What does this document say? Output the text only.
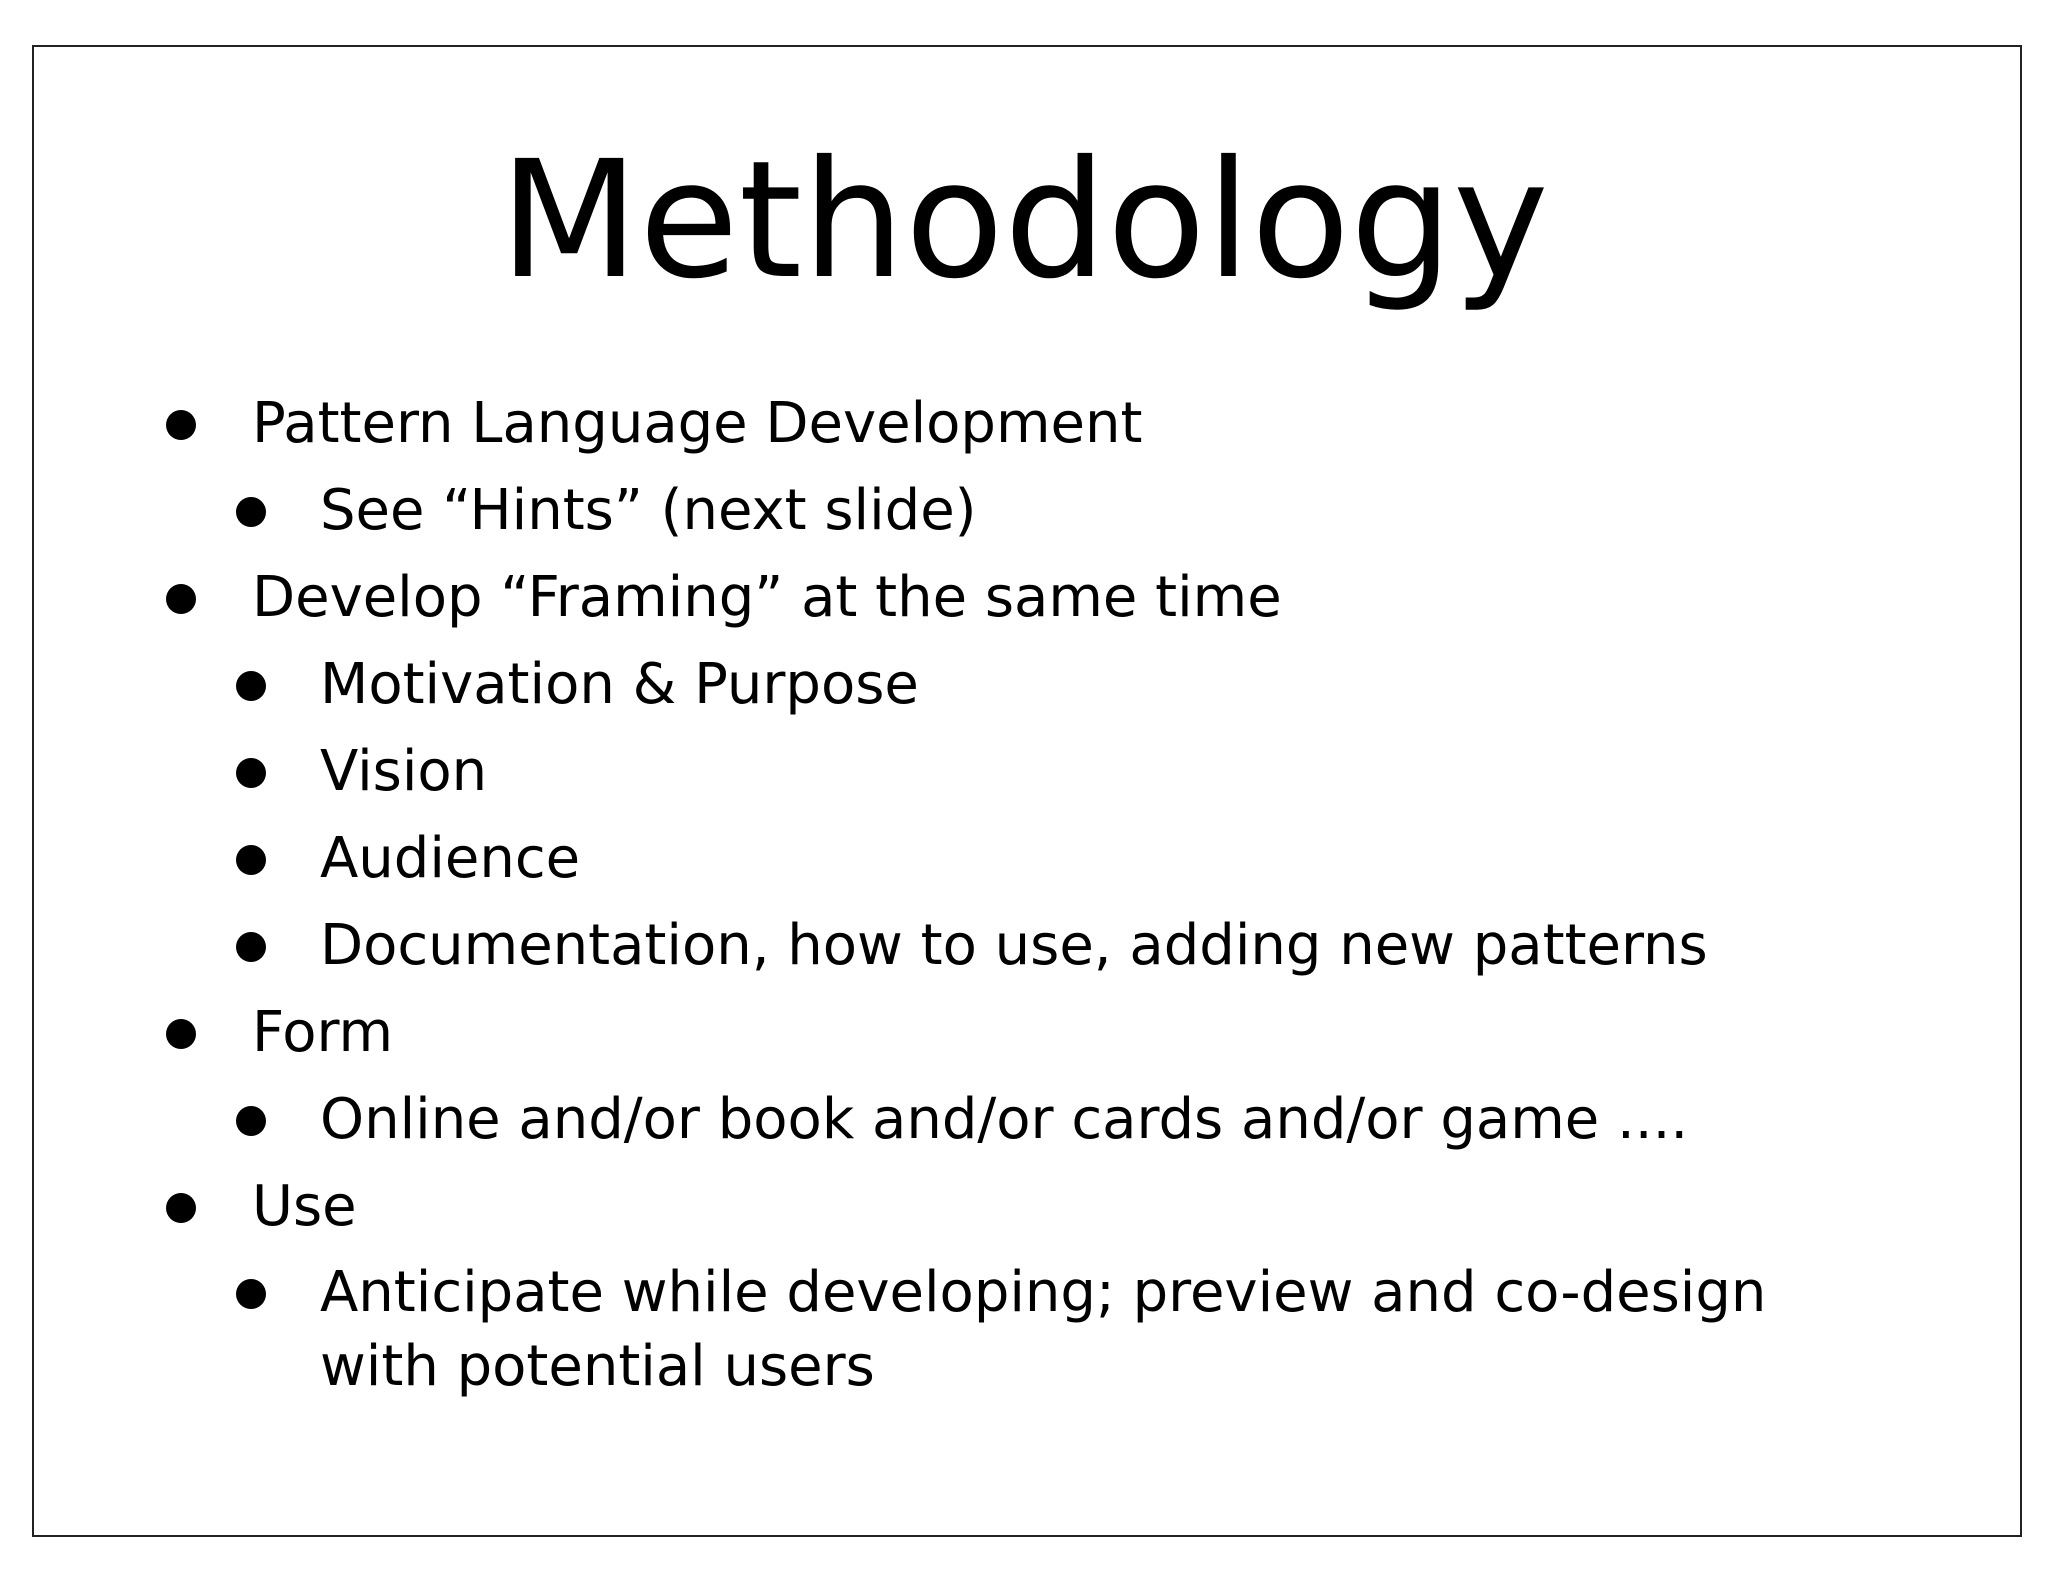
Methodology
Pattern Language Development
See “Hints” (next slide)
Develop “Framing” at the same time
Motivation & Purpose
Vision
Audience
Documentation, how to use, adding new patterns
Form
Online and/or book and/or cards and/or game ....
Use
Anticipate while developing; preview and co-design with potential users
